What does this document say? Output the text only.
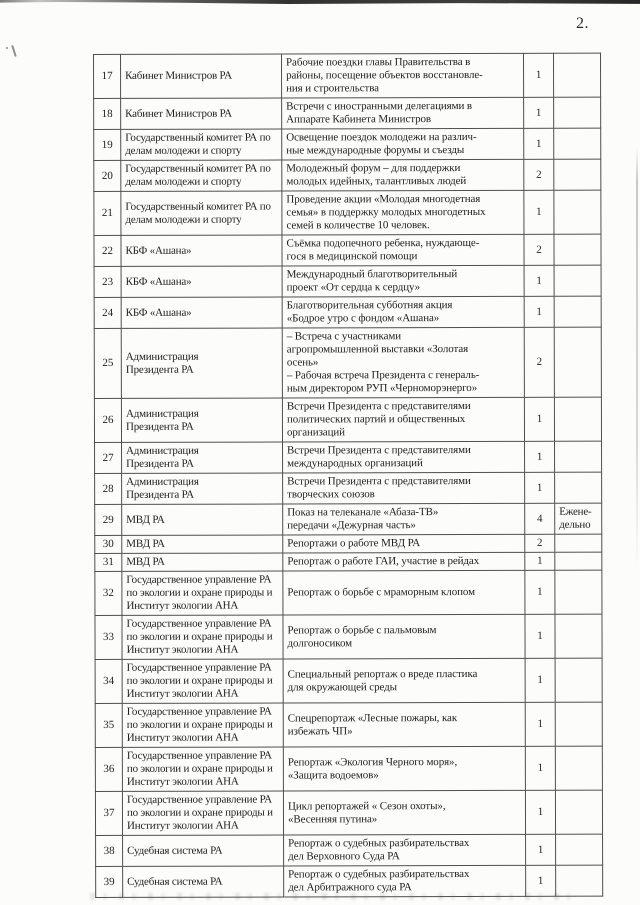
2.
17	Кабинет Министров РА	Рабочие поездки главы Правительства в
районы, посещение объектов восстановле-
ния и строительства	1	
18	Кабинет Министров РА	Встречи с иностранными делегациями в
Аппарате Кабинета Министров	1	
19	Государственный комитет РА по
делам молодежи и спорту	Освещение поездок молодежи на различ-
ные международные форумы и съезды	1	
20	Государственный комитет РА по
делам молодежи и спорту	Молодежный форум – для поддержки
молодых идейных, талантливых людей	2	
21	Государственный комитет РА по
делам молодежи и спорту	Проведение акции «Молодая многодетная
семья» в поддержку молодых многодетных
семей в количестве 10 человек.	1	
22	КБФ «Ашана»	Съёмка подопечного ребенка, нуждающе-
гося в медицинской помощи	2	
23	КБФ «Ашана»	Международный благотворительный
проект «От сердца к сердцу»	1	
24	КБФ «Ашана»	Благотворительная субботняя акция
«Бодрое утро с фондом «Ашана»	1	
25	Администрация
Президента РА	– Встреча с участниками
агропромышленной выставки «Золотая
осень»
– Рабочая встреча Президента с генераль-
ным директором РУП «Черноморэнерго»	2	
26	Администрация
Президента РА	Встречи Президента с представителями
политических партий и общественных
организаций	1	
27	Администрация
Президента РА	Встречи Президента с представителями
международных организаций	1	
28	Администрация
Президента РА	Встречи Президента с представителями
творческих союзов	1	
29	МВД РА	Показ на телеканале «Абаза-ТВ»
передачи «Дежурная часть»	4	Ежене-
дельно
30	МВД РА	Репортажи о работе МВД РА	2	
31	МВД РА	Репортаж о работе ГАИ, участие в рейдах	1	
32	Государственное управление РА
по экологии и охране природы и
Институт экологии АНА	Репортаж о борьбе с мраморным клопом	1	
33	Государственное управление РА
по экологии и охране природы и
Институт экологии АНА	Репортаж о борьбе с пальмовым
долгоносиком	1	
34	Государственное управление РА
по экологии и охране природы и
Институт экологии АНА	Специальный репортаж о вреде пластика
для окружающей среды	1	
35	Государственное управление РА
по экологии и охране природы и
Институт экологии АНА	Спецрепортаж «Лесные пожары, как
избежать ЧП»	1	
36	Государственное управление РА
по экологии и охране природы и
Институт экологии АНА	Репортаж «Экология Черного моря»,
«Защита водоемов»	1	
37	Государственное управление РА
по экологии и охране природы и
Институт экологии АНА	Цикл репортажей « Сезон охоты»,
«Весенняя путина»	1	
38	Судебная система РА	Репортаж о судебных разбирательствах
дел Верховного Суда РА	1	
39	Судебная система РА	Репортаж о судебных разбирательствах
дел Арбитражного суда РА	1	
